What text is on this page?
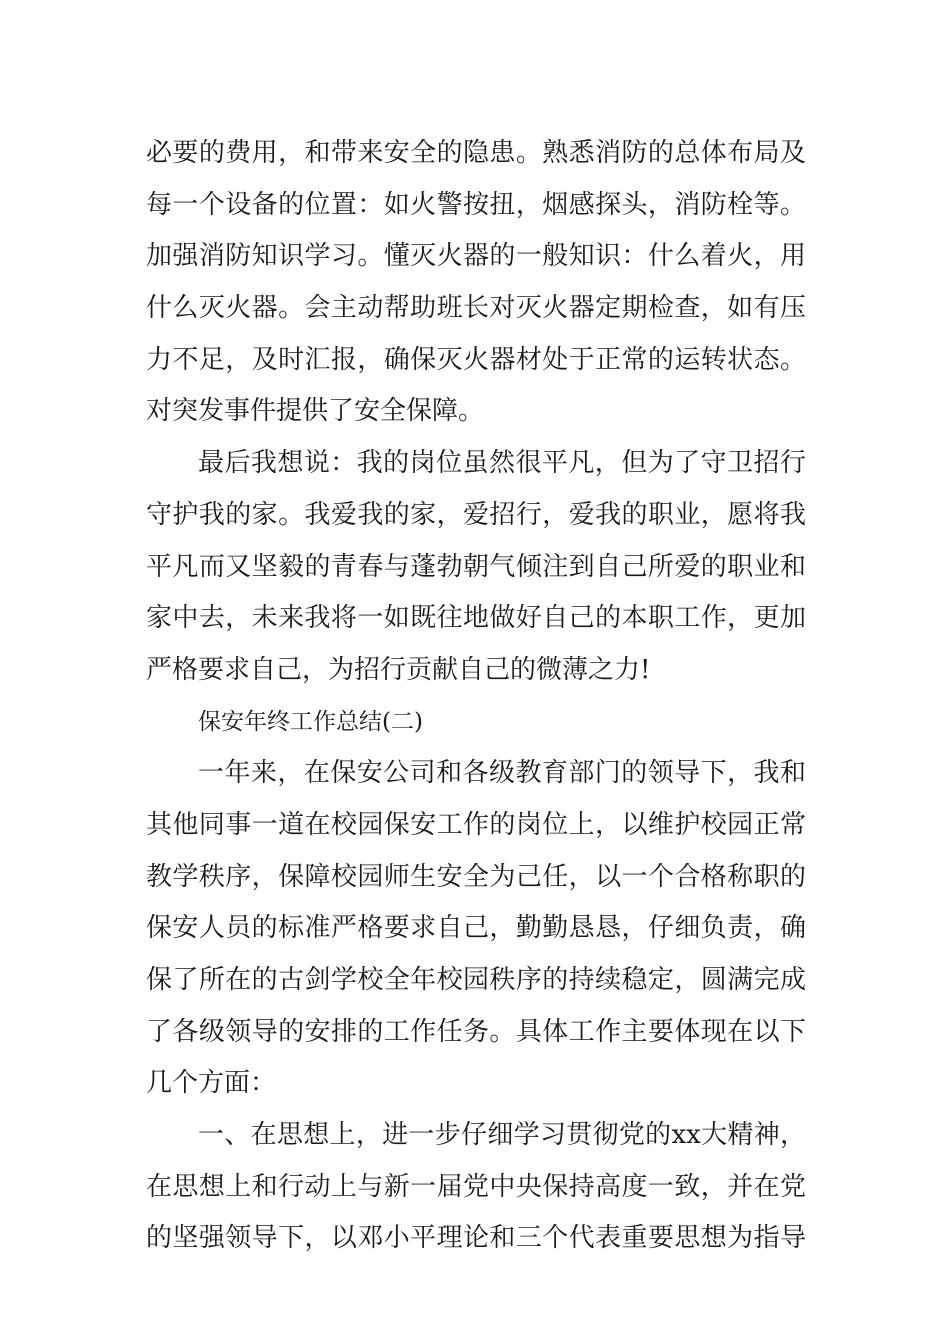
必要的费用，和带来安全的隐患。熟悉消防的总体布局及
每一个设备的位置：如火警按扭，烟感探头，消防栓等。
加强消防知识学习。懂灭火器的一般知识：什么着火，用
什么灭火器。会主动帮助班长对灭火器定期检查，如有压
力不足，及时汇报，确保灭火器材处于正常的运转状态。
对突发事件提供了安全保障。
最后我想说：我的岗位虽然很平凡，但为了守卫招行
守护我的家。我爱我的家，爱招行，爱我的职业，愿将我
平凡而又坚毅的青春与蓬勃朝气倾注到自己所爱的职业和
家中去，未来我将一如既往地做好自己的本职工作，更加
严格要求自己，为招行贡献自己的微薄之力!
保安年终工作总结(二)
一年来，在保安公司和各级教育部门的领导下，我和
其他同事一道在校园保安工作的岗位上，以维护校园正常
教学秩序，保障校园师生安全为己任，以一个合格称职的
保安人员的标准严格要求自己，勤勤恳恳，仔细负责，确
保了所在的古剑学校全年校园秩序的持续稳定，圆满完成
了各级领导的安排的工作任务。具体工作主要体现在以下
几个方面：
一、在思想上，进一步仔细学习贯彻党的xx大精神，
在思想上和行动上与新一届党中央保持高度一致，并在党
的坚强领导下，以邓小平理论和三个代表重要思想为指导
